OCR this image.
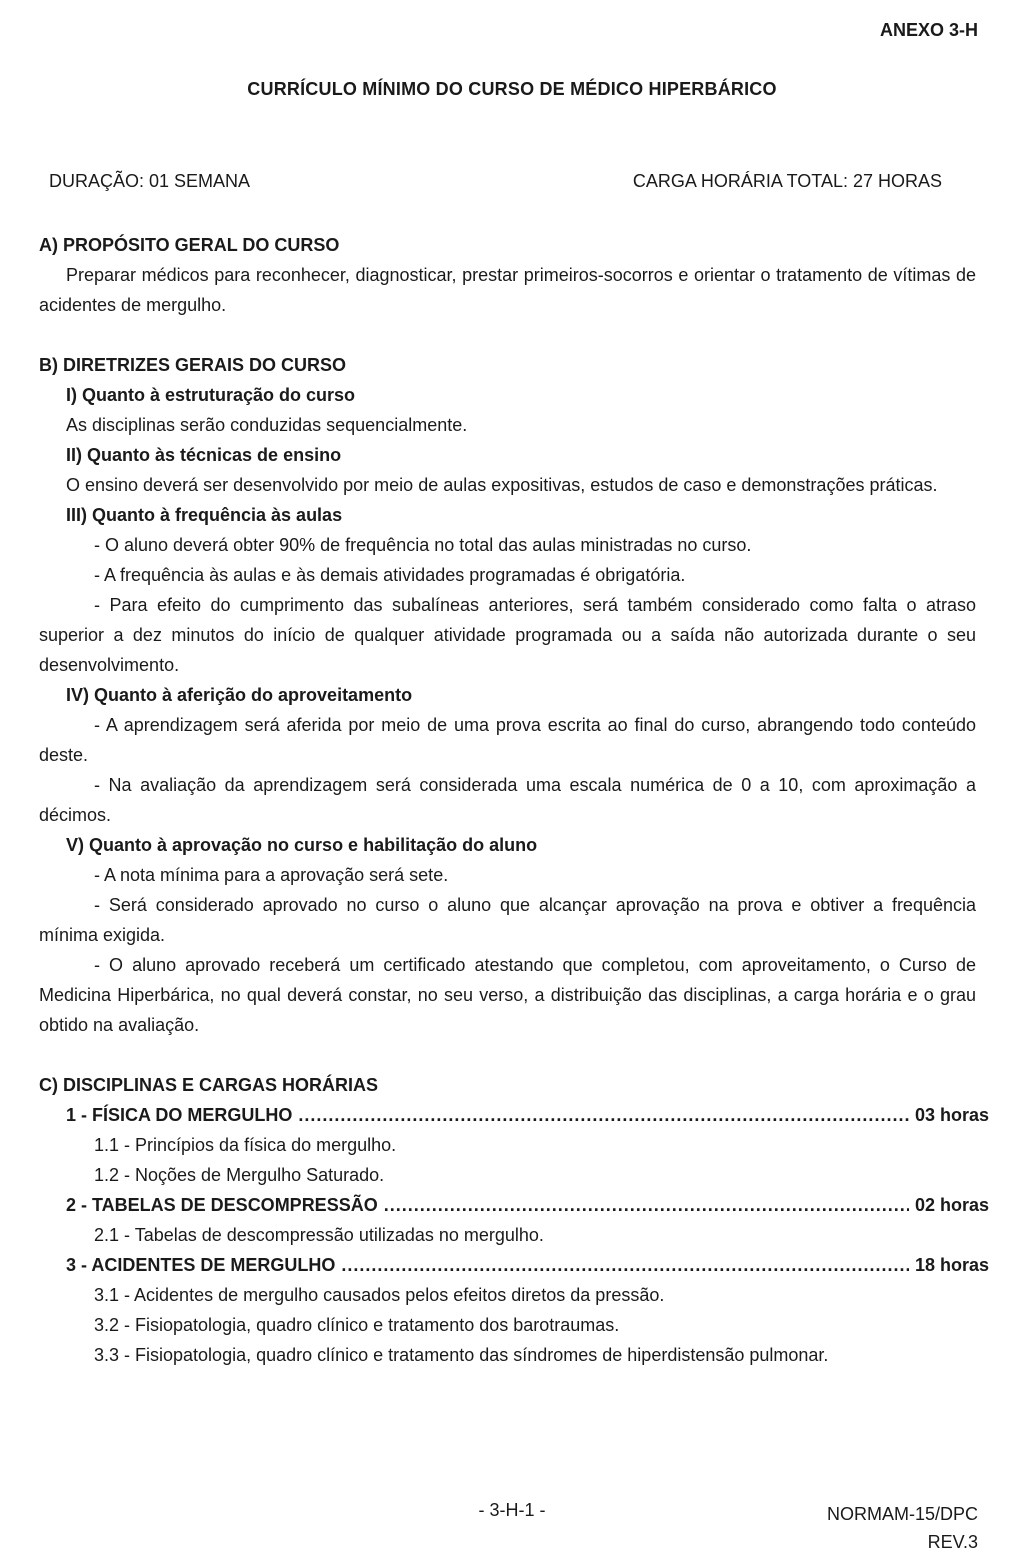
ANEXO 3-H
CURRÍCULO MÍNIMO DO CURSO DE MÉDICO HIPERBÁRICO
DURAÇÃO: 01 SEMANA	CARGA HORÁRIA TOTAL: 27 HORAS
A) PROPÓSITO GERAL DO CURSO

Preparar médicos para reconhecer, diagnosticar, prestar primeiros-socorros e orientar o tratamento de vítimas de acidentes de mergulho.

B) DIRETRIZES GERAIS DO CURSO
I) Quanto à estruturação do curso

As disciplinas serão conduzidas sequencialmente.

II) Quanto às técnicas de ensino

O ensino deverá ser desenvolvido por meio de aulas expositivas, estudos de caso e demonstrações práticas.

III) Quanto à frequência às aulas

- O aluno deverá obter 90% de frequência no total das aulas ministradas no curso.

- A frequência às aulas e às demais atividades programadas é obrigatória.

- Para efeito do cumprimento das subalíneas anteriores, será também considerado como falta o atraso superior a dez minutos do início de qualquer atividade programada ou a saída não autorizada durante o seu desenvolvimento.

IV) Quanto à aferição do aproveitamento

- A aprendizagem será aferida por meio de uma prova escrita ao final do curso, abrangendo todo conteúdo deste.

- Na avaliação da aprendizagem será considerada uma escala numérica de 0 a 10, com aproximação a décimos.

V) Quanto à aprovação no curso e habilitação do aluno

- A nota mínima para a aprovação será sete.

- Será considerado aprovado no curso o aluno que alcançar aprovação na prova e obtiver a frequência mínima exigida.

- O aluno aprovado receberá um certificado atestando que completou, com aproveitamento, o Curso de Medicina Hiperbárica, no qual deverá constar, no seu verso, a distribuição das disciplinas, a carga horária e o grau obtido na avaliação.

C) DISCIPLINAS E CARGAS HORÁRIAS
1 - FÍSICA DO MERGULHO .....	03 horas
1.1 - Princípios da física do mergulho.
1.2 - Noções de Mergulho Saturado.
2 - TABELAS DE DESCOMPRESSÃO .....	02 horas
2.1 - Tabelas de descompressão utilizadas no mergulho.
3 - ACIDENTES DE MERGULHO .....	18 horas
3.1 - Acidentes de mergulho causados pelos efeitos diretos da pressão.
3.2 - Fisiopatologia, quadro clínico e tratamento dos barotraumas.

3.3 - Fisiopatologia, quadro clínico e tratamento das síndromes de hiperdistensão pulmonar.

- 3-H-1 -	NORMAM-15/DPC
REV.3
